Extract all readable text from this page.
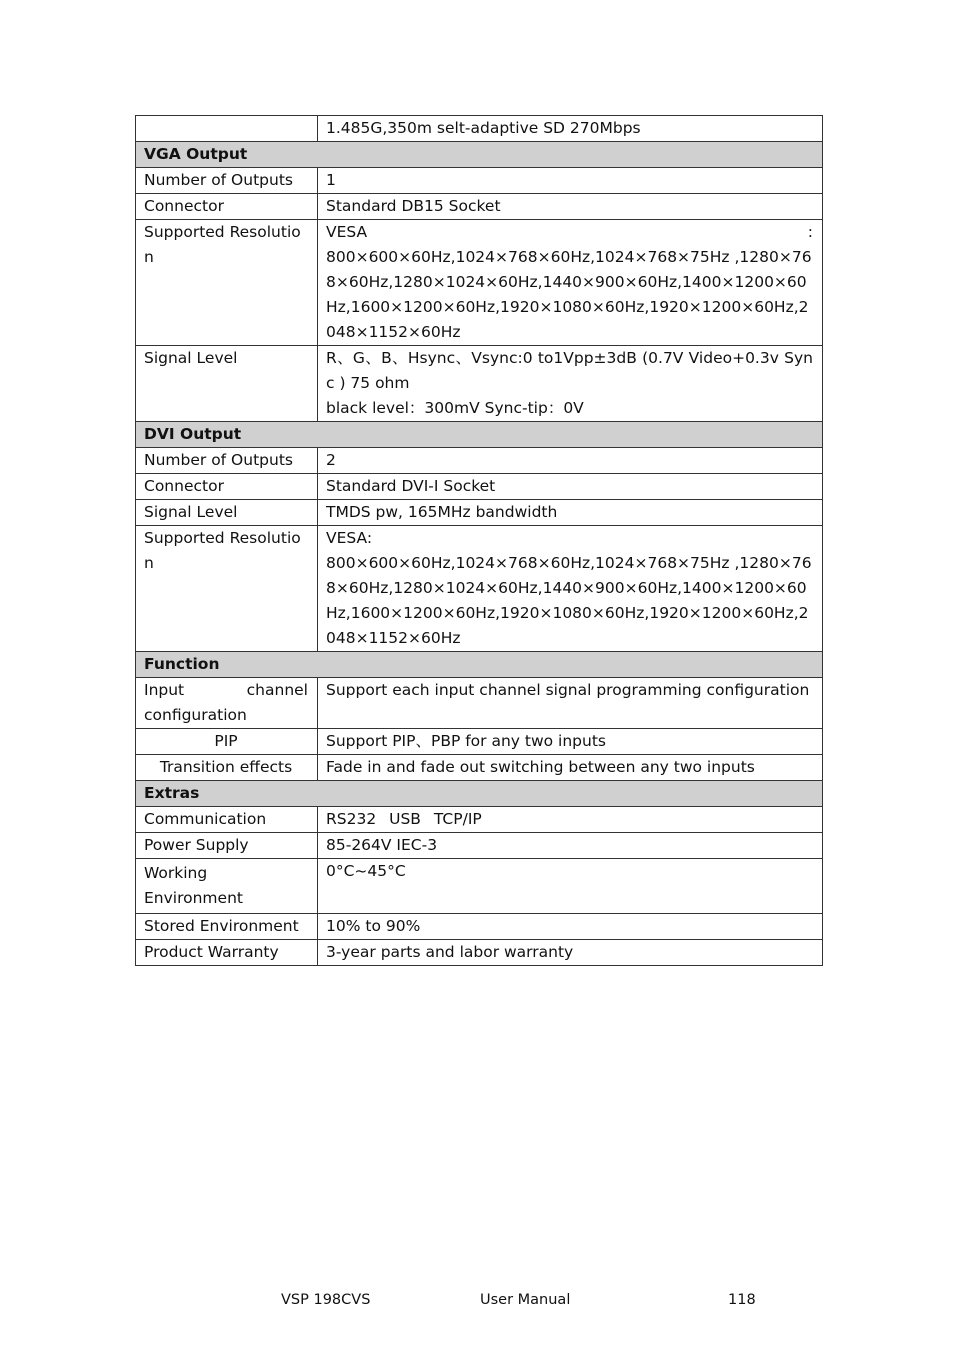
	1.485G,350m selt-adaptive SD 270Mbps
VGA Output	
Number of Outputs	1
Connector	Standard DB15 Socket
Supported Resolution	VESA :
800×600×60Hz,1024×768×60Hz,1024×768×75Hz ,1280×768×60Hz,1280×1024×60Hz,1440×900×60Hz,1400×1200×60Hz,1600×1200×60Hz,1920×1080×60Hz,1920×1200×60Hz,2048×1152×60Hz

Signal Level	R、G、B、Hsync、Vsync:0 to1Vpp±3dB (0.7V Video+0.3v Sync ) 75 ohm
black level：300mV Sync-tip：0V

DVI Output	
Number of Outputs	2
Connector	Standard DVI-I Socket
Signal Level	TMDS pw, 165MHz bandwidth
Supported Resolution	VESA:
800×600×60Hz,1024×768×60Hz,1024×768×75Hz ,1280×768×60Hz,1280×1024×60Hz,1440×900×60Hz,1400×1200×60Hz,1600×1200×60Hz,1920×1080×60Hz,1920×1200×60Hz,2048×1152×60Hz

Function	
Input channel configuration	Support each input channel signal programming configuration
PIP	Support PIP、PBP for any two inputs
Transition effects	Fade in and fade out switching between any two inputs
Extras	
Communication	RS232 USB TCP/IP
Power Supply	85-264V IEC-3
Working Environment	0°C~45°C
Stored Environment	10% to 90%
Product Warranty	3-year parts and labor warranty
VSP 198CVS	User Manual	118
